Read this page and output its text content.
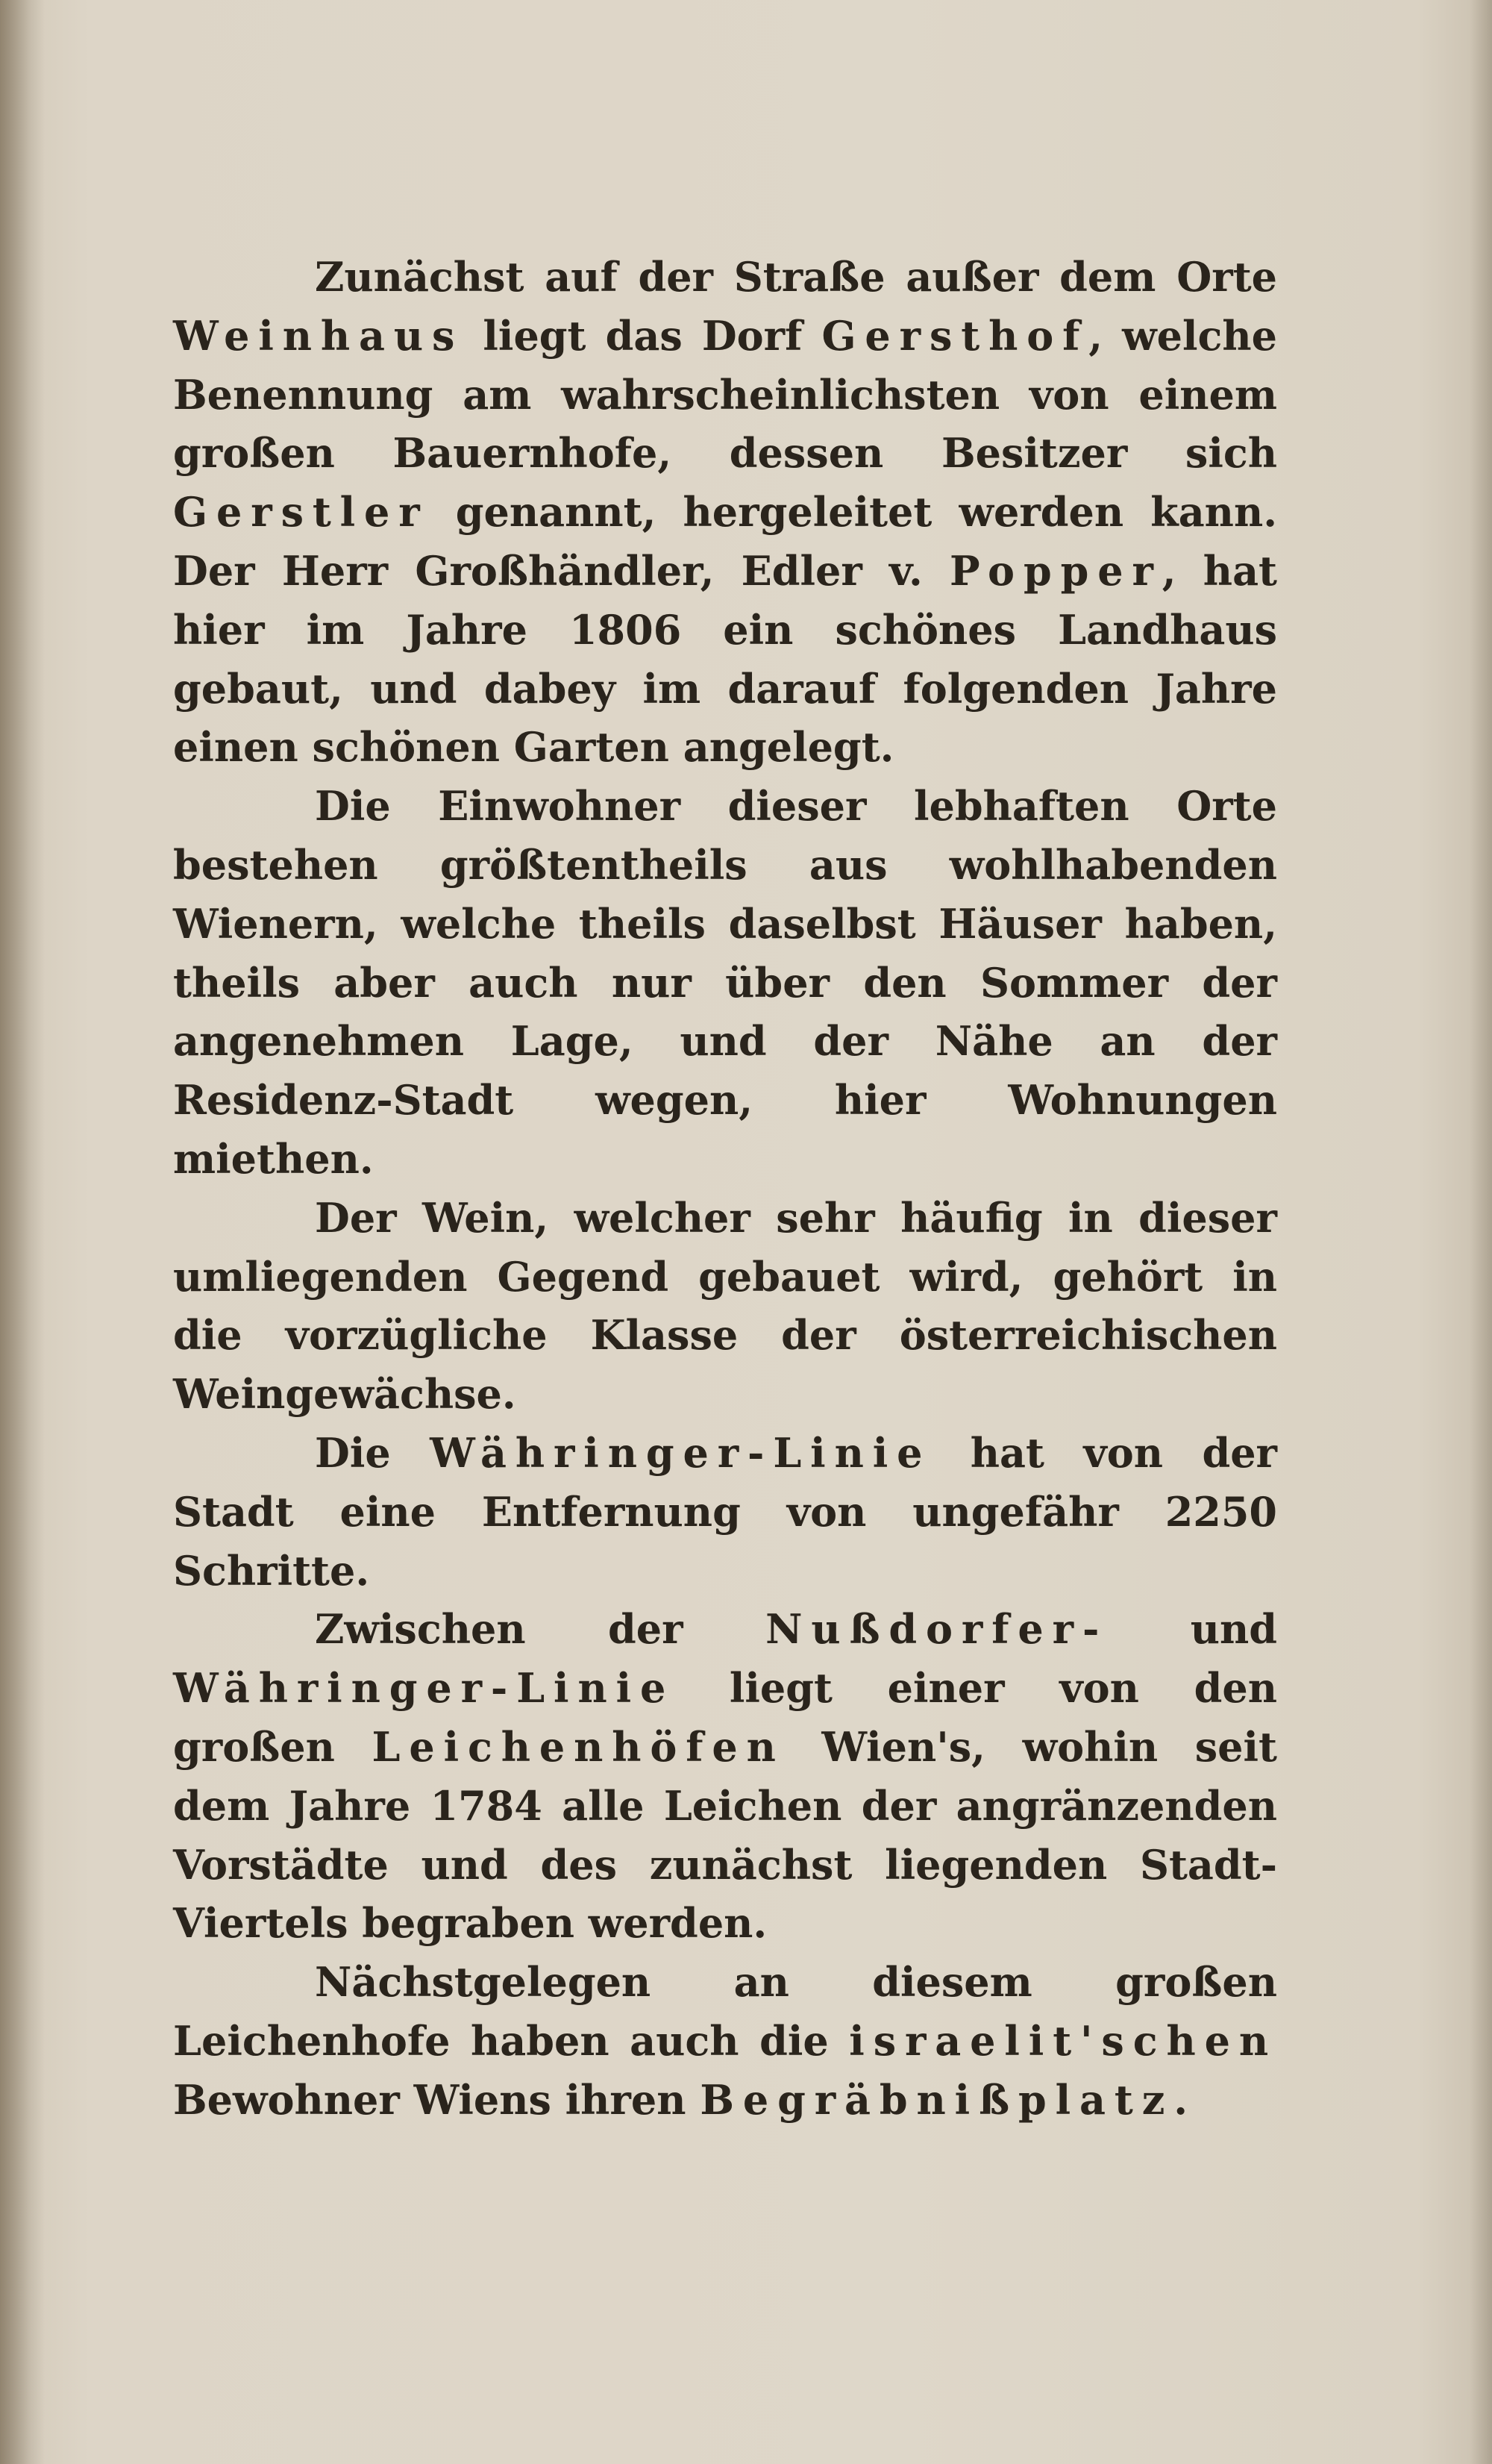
Zunächst auf der Straße außer dem Orte Weinhaus liegt das Dorf Gersthof, welche Benennung am wahrscheinlichsten von einem großen Bauernhofe, dessen Besitzer sich Gerstler genannt, hergeleitet werden kann. Der Herr Großhändler, Edler v. Popper, hat hier im Jahre 1806 ein schönes Landhaus gebaut, und dabey im darauf folgenden Jahre einen schönen Garten angelegt.

Die Einwohner dieser lebhaften Orte bestehen größtentheils aus wohlhabenden Wienern, welche theils daselbst Häuser haben, theils aber auch nur über den Sommer der angenehmen Lage, und der Nähe an der Residenz-Stadt wegen, hier Wohnungen miethen.

Der Wein, welcher sehr häufig in dieser umliegenden Gegend gebauet wird, gehört in die vorzügliche Klasse der österreichischen Weingewächse.

Die Währinger-Linie hat von der Stadt eine Entfernung von ungefähr 2250 Schritte.

Zwischen der Nußdorfer- und Währinger-Linie liegt einer von den großen Leichenhöfen Wien's, wohin seit dem Jahre 1784 alle Leichen der angränzenden Vorstädte und des zunächst liegenden Stadt-Viertels begraben werden.

Nächstgelegen an diesem großen Leichenhofe haben auch die israelit'schen Bewohner Wiens ihren Begräbnißplatz.
